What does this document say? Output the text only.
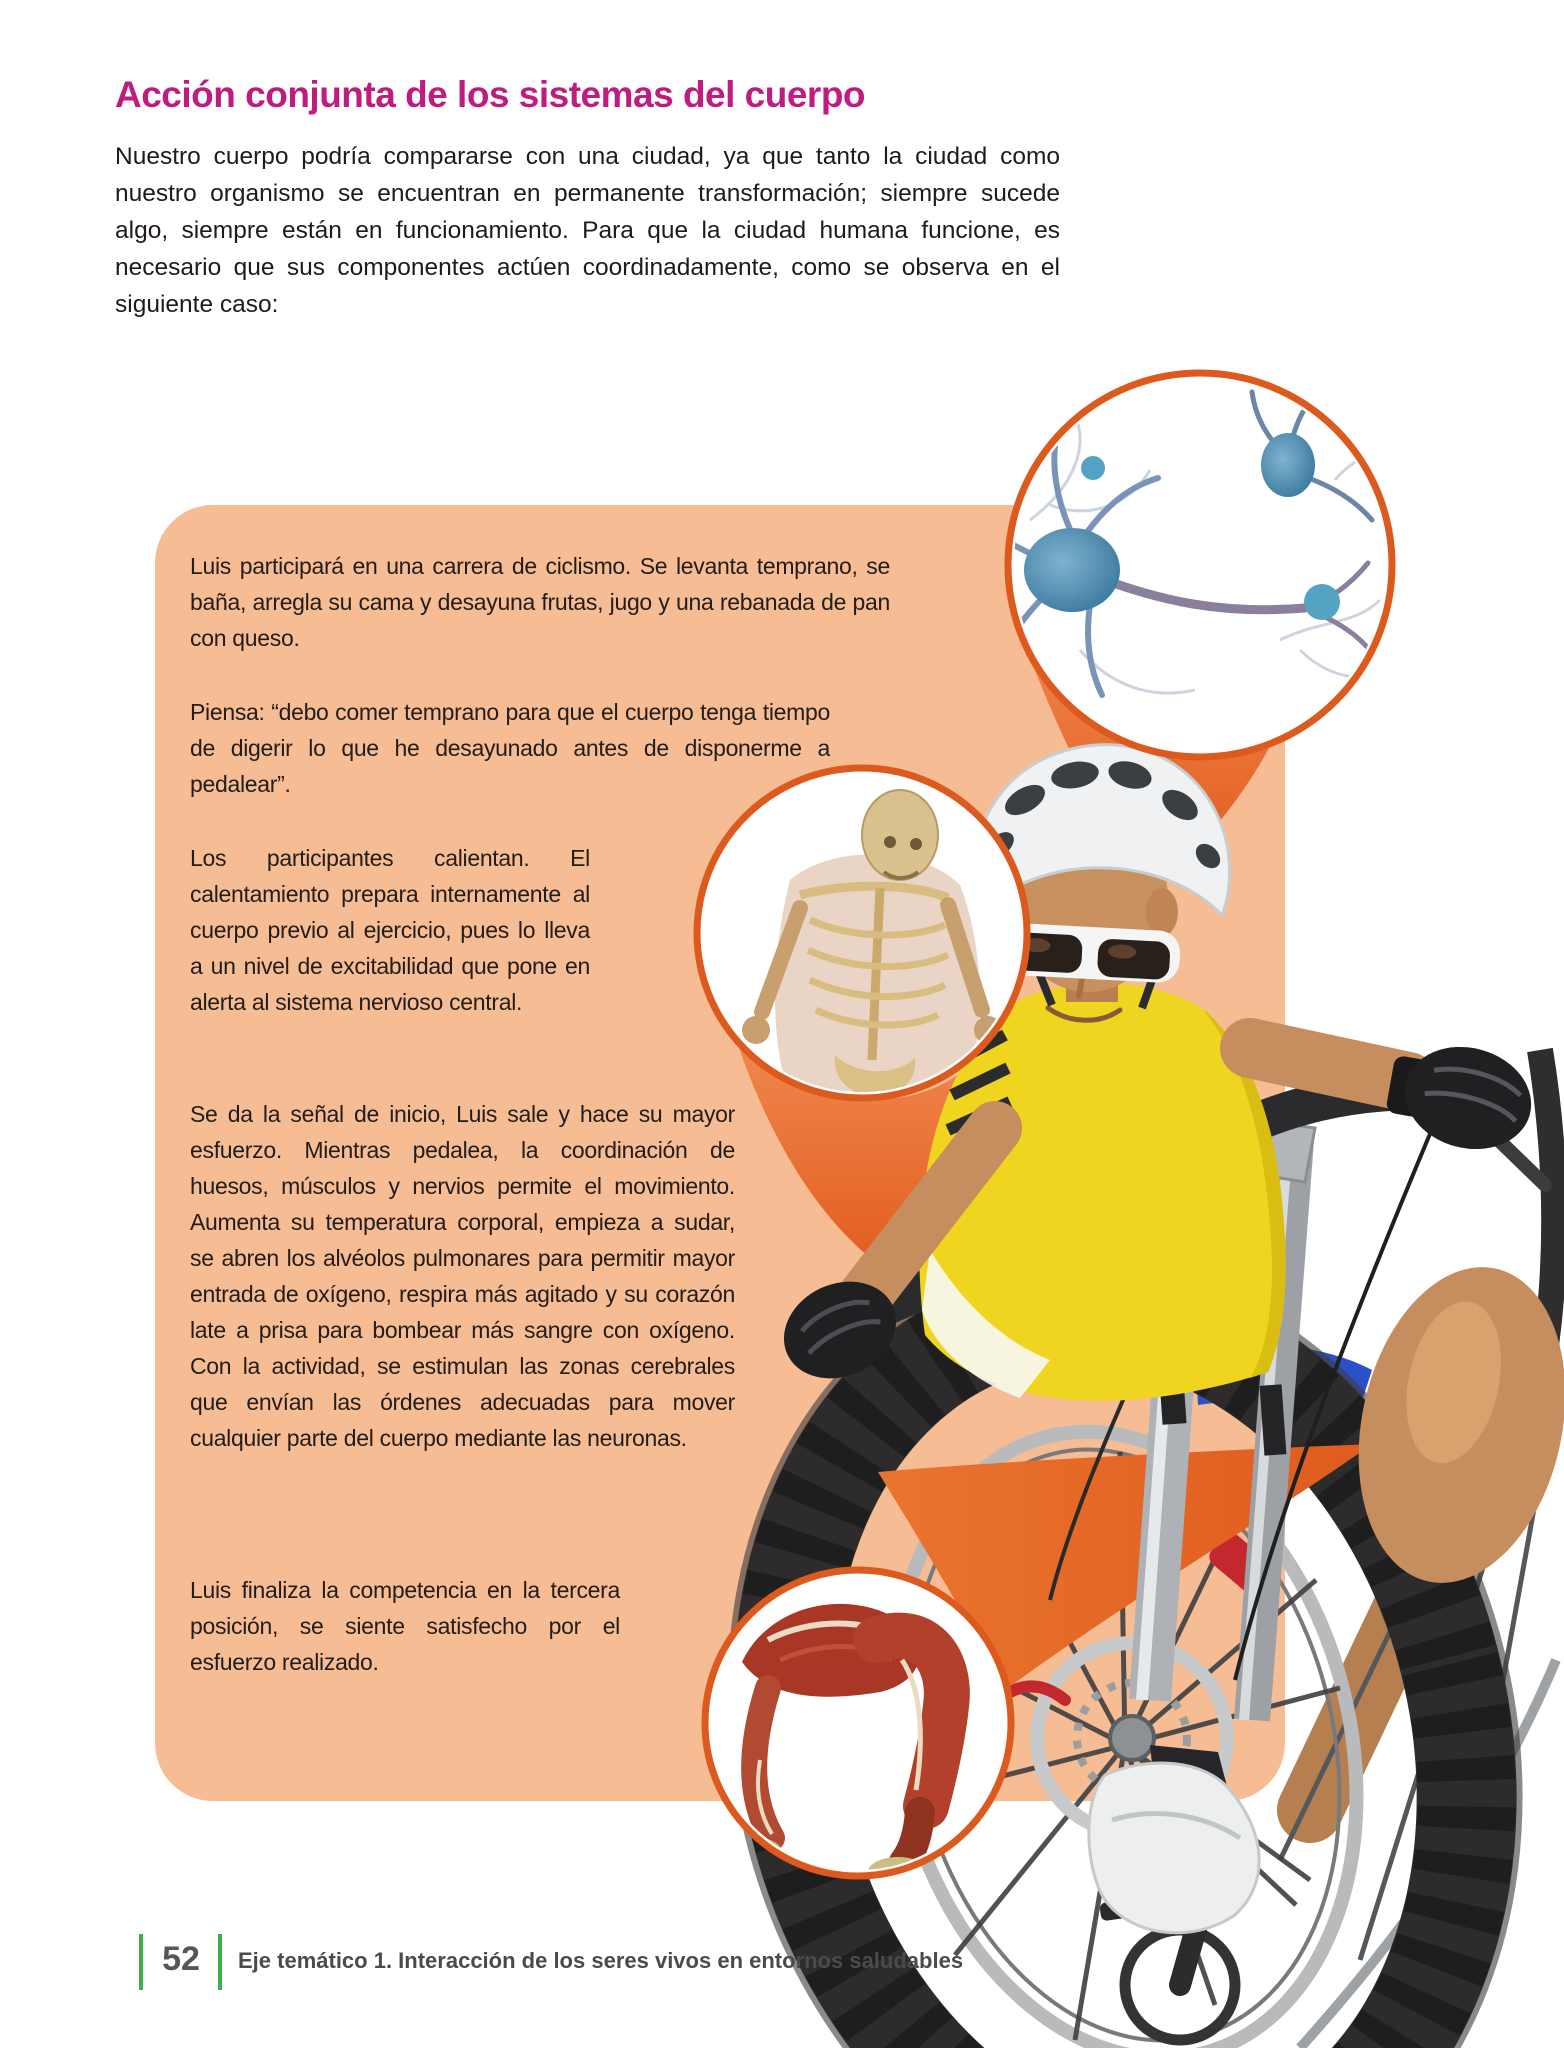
Acción conjunta de los sistemas del cuerpo
Nuestro cuerpo podría compararse con una ciudad, ya que tanto la ciudad como nuestro organismo se encuentran en permanente transformación; siempre sucede algo, siempre están en funcionamiento. Para que la ciudad humana funcione, es necesario que sus componentes actúen coordinadamente, como se observa en el siguiente caso:
Luis participará en una carrera de ciclismo. Se levanta temprano, se baña, arregla su cama y desayuna frutas, jugo y una rebanada de pan con queso.
Piensa: “debo comer temprano para que el cuerpo tenga tiempo de digerir lo que he desayunado antes de disponerme a pedalear”.
Los participantes calientan. El calentamiento prepara internamente al cuerpo previo al ejercicio, pues lo lleva a un nivel de excitabilidad que pone en alerta al sistema nervioso central.
Se da la señal de inicio, Luis sale y hace su mayor esfuerzo. Mientras pedalea, la coordinación de huesos, músculos y nervios permite el movimiento. Aumenta su temperatura corporal, empieza a sudar, se abren los alvéolos pulmonares para permitir mayor entrada de oxígeno, respira más agitado y su corazón late a prisa para bombear más sangre con oxígeno. Con la actividad, se estimulan las zonas cerebrales que envían las órdenes adecuadas para mover cualquier parte del cuerpo mediante las neuronas.
Luis finaliza la competencia en la tercera posición, se siente satisfecho por el esfuerzo realizado.
52	Eje temático 1. Interacción de los seres vivos en entornos saludables
